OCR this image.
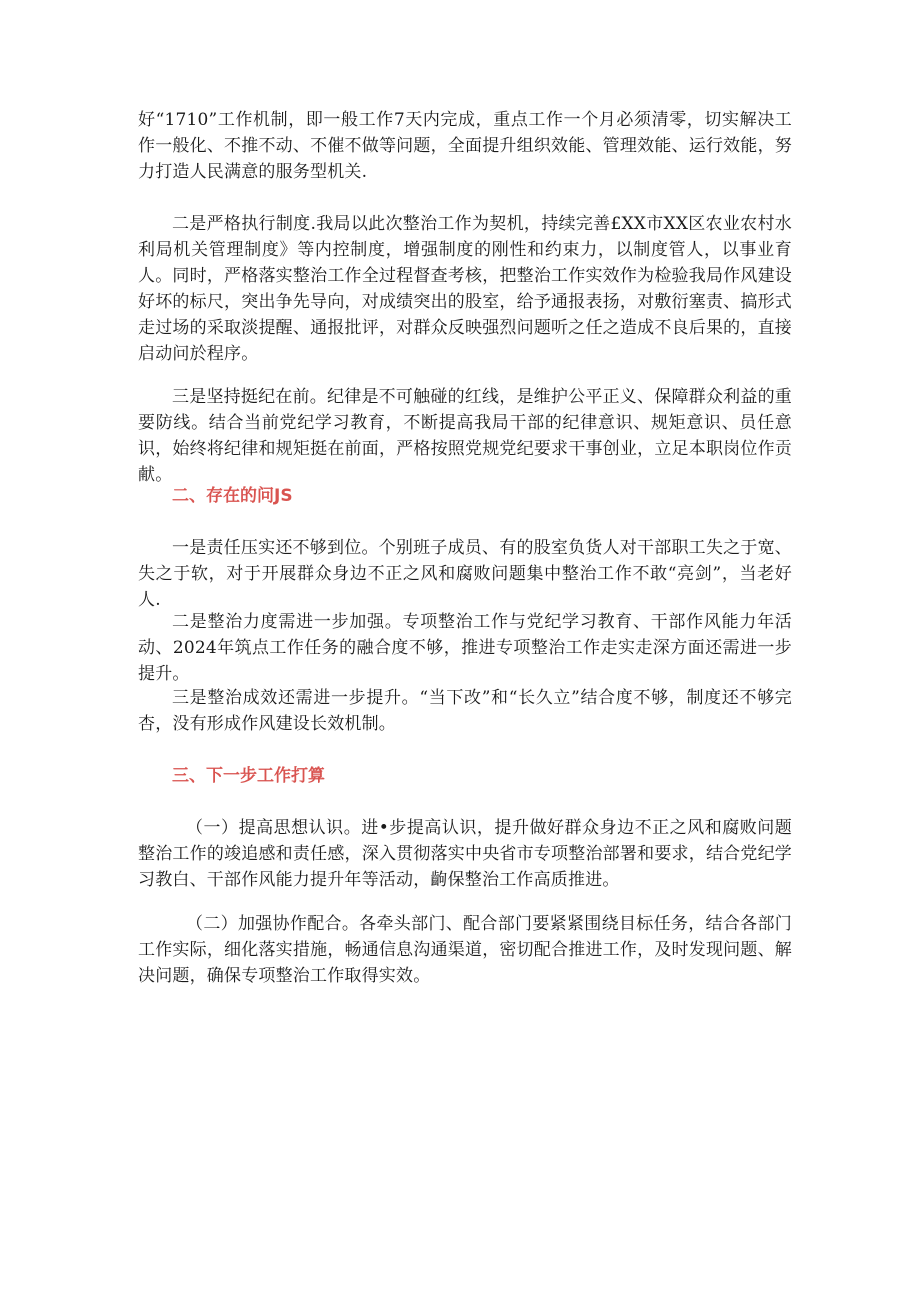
好“1710”工作机制，即一般工作7天内完成，重点工作一个月必须清零，切实解决工作一般化、不推不动、不催不做等问题，全面提升组织效能、管理效能、运行效能，努力打造人民满意的服务型机关.

二是严格执行制度.我局以此次整治工作为契机，持续完善£XX市XX区农业农村水利局机关管理制度》等内控制度，增强制度的刚性和约束力，以制度管人，以事业育人。同时，严格落实整治工作全过程督查考核，把整治工作实效作为检验我局作风建设好坏的标尺，突出争先导向，对成绩突出的股室，给予通报表扬，对敷衍塞责、搞形式走过场的采取淡提醒、通报批评，对群众反映强烈问题听之任之造成不良后果的，直接启动问於程序。

三是坚持挺纪在前。纪律是不可触碰的红线，是维护公平正义、保障群众利益的重要防线。结合当前党纪学习教育，不断提高我局干部的纪律意识、规矩意识、员任意识，始终将纪律和规矩挺在前面，严格按照党规党纪要求干事创业，立足本职岗位作贡献。

二、存在的问JS

一是责任压实还不够到位。个别班子成员、有的股室负货人对干部职工失之于宽、失之于软，对于开展群众身边不正之风和腐败问题集中整治工作不敢“亮剑”，当老好人.

二是整治力度需进一步加强。专项整治工作与党纪学习教育、干部作风能力年活动、2024年筑点工作任务的融合度不够，推进专项整治工作走实走深方面还需进一步提升。

三是整治成效还需进一步提升。“当下改”和“长久立”结合度不够，制度还不够完杏，没有形成作风建设长效机制。

三、下一步工作打算

（一）提高思想认识。进•步提高认识，提升做好群众身边不正之风和腐败问题整治工作的竣追感和责任感，深入贯彻落实中央省市专项整治部署和要求，结合党纪学习教白、干部作风能力提升年等活动，齣保整治工作高质推进。

（二）加强协作配合。各牵头部门、配合部门要紧紧围绕目标任务，结合各部门工作实际，细化落实措施，畅通信息沟通渠道，密切配合推进工作，及时发现问题、解决问题，确保专项整治工作取得实效。
